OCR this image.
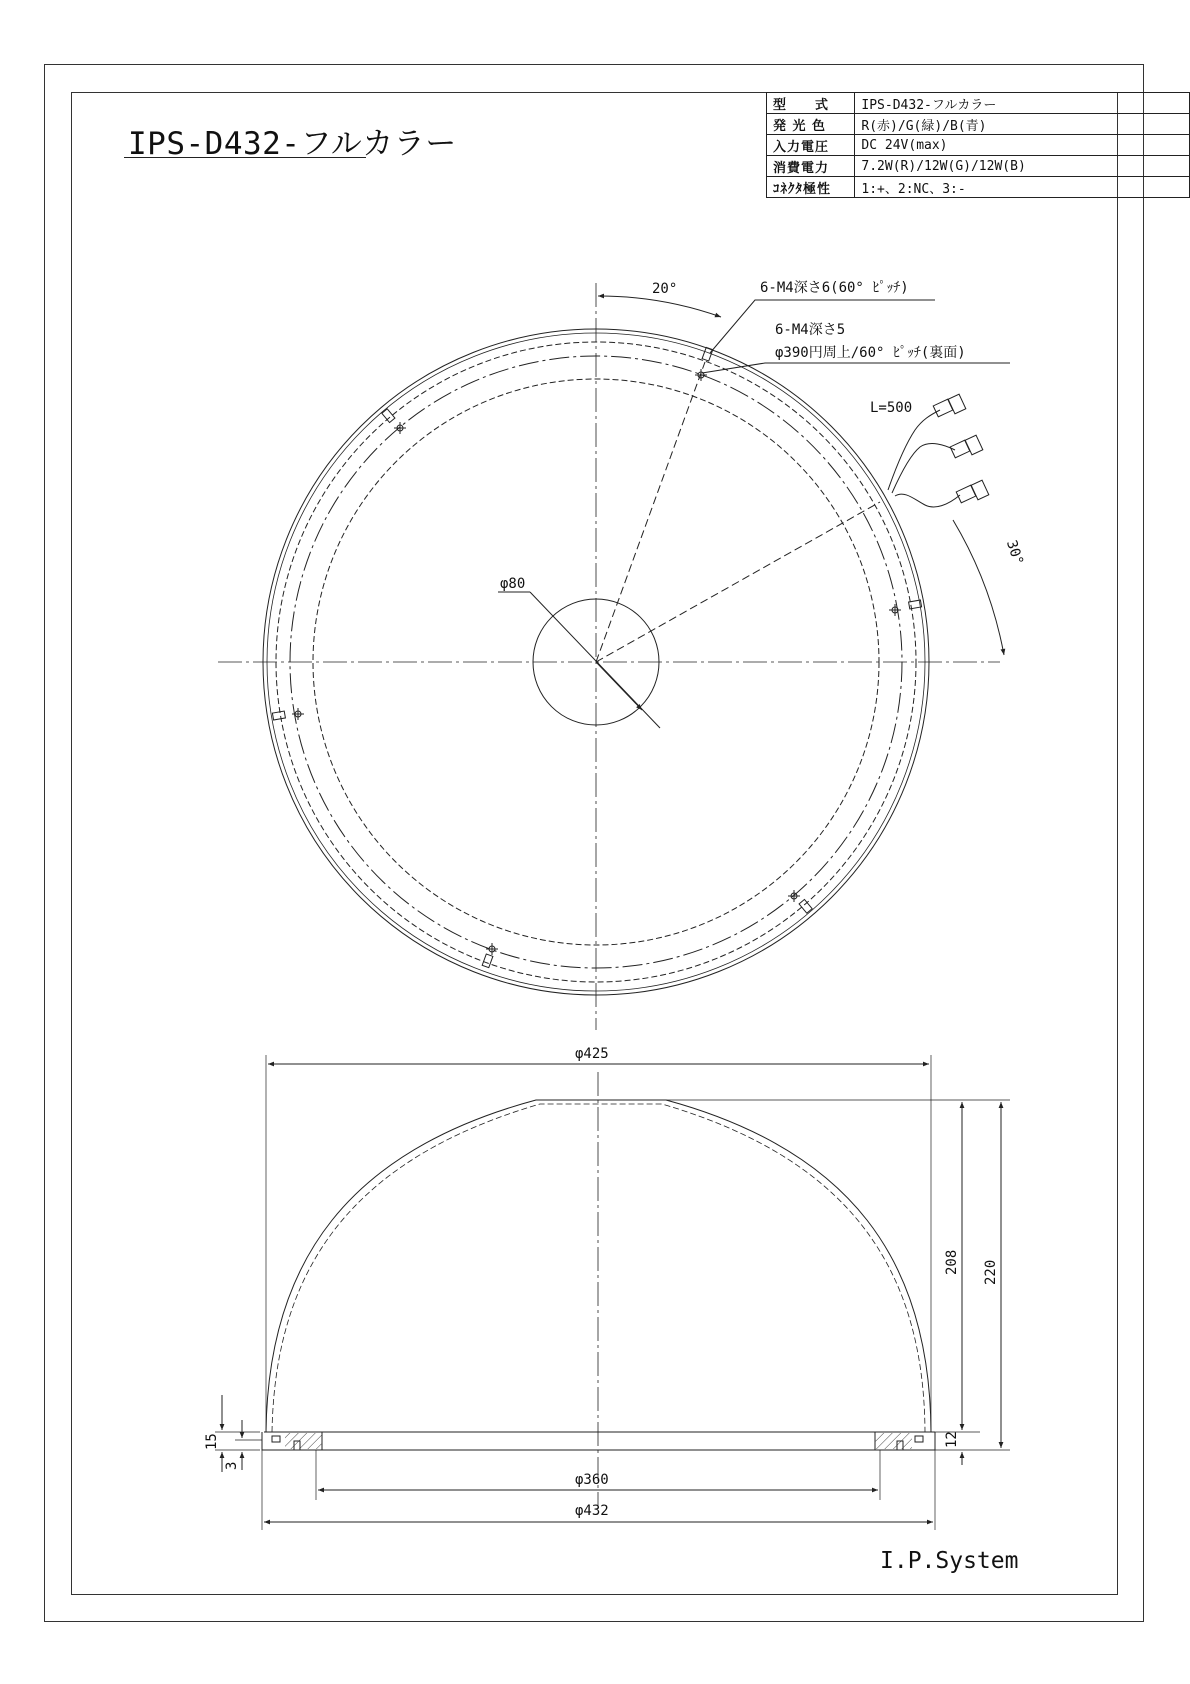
IPS-D432-フルカラー
型　　式	IPS-D432-フルカラー
発 光 色	R(赤)/G(緑)/B(青)
入力電圧	DC 24V(max)
消費電力	7.2W(R)/12W(G)/12W(B)
ｺﾈｸﾀ極性	1:+、2:NC、3:-
20°	6-M4深さ6(60° ﾋﾟｯﾁ)
6-M4深さ5
φ390円周上/60° ﾋﾟｯﾁ(裏面)
L=500
30°
φ80
φ425
208 220
12
15
3
φ360
φ432
I.P.System
